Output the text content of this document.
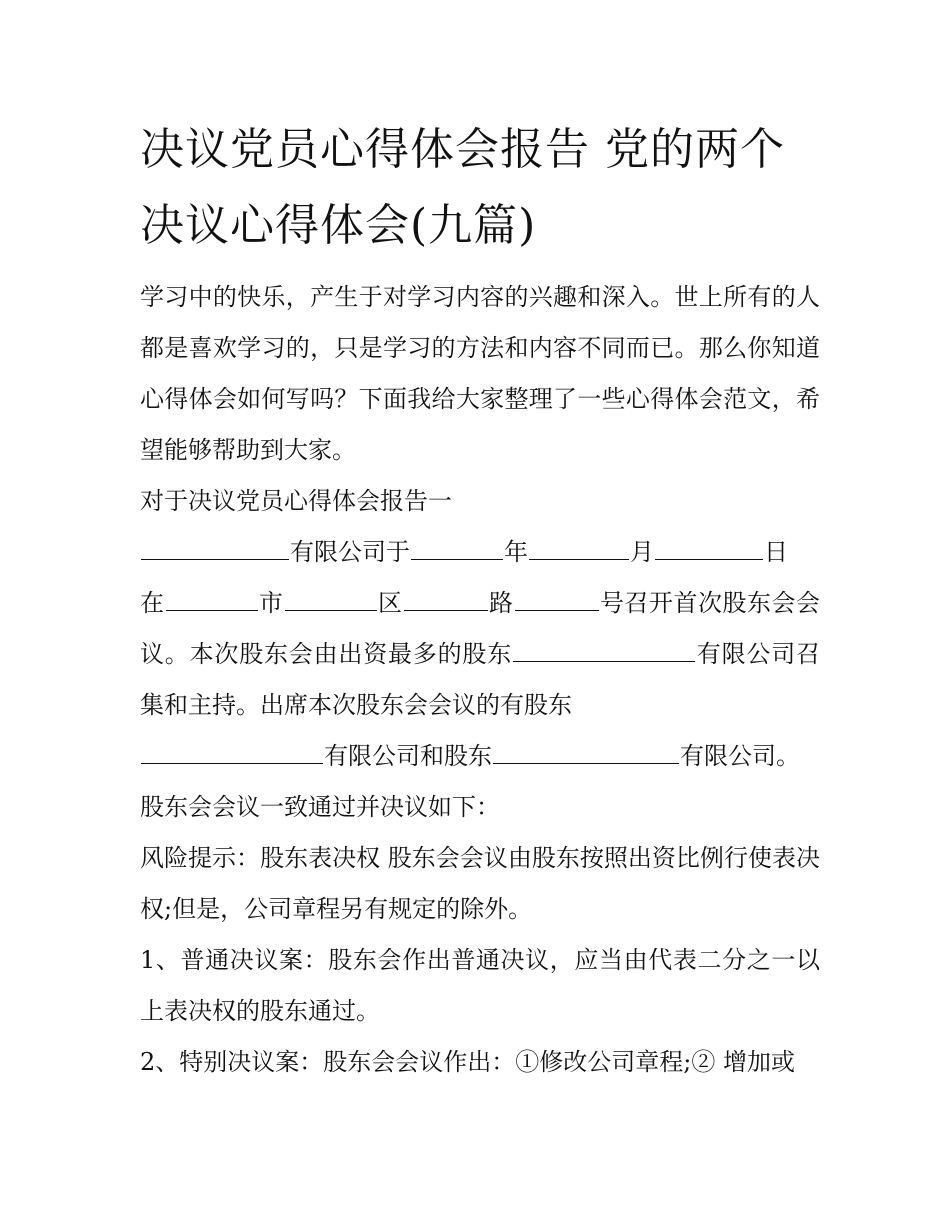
决议党员心得体会报告 党的两个决议心得体会(九篇)

学习中的快乐，产生于对学习内容的兴趣和深入。世上所有的人都是喜欢学习的，只是学习的方法和内容不同而已。那么你知道心得体会如何写吗？下面我给大家整理了一些心得体会范文，希望能够帮助到大家。

对于决议党员心得体会报告一

有限公司于	年	月	日
在	市	区	路	号召开首次股东会会议。本次股东会由出资最多的股东	有限公司召集和主持。出席本次股东会会议的有股东
有限公司和股东	有限公司。

股东会会议一致通过并决议如下：

风险提示：股东表决权 股东会会议由股东按照出资比例行使表决权;但是，公司章程另有规定的除外。

1、普通决议案：股东会作出普通决议，应当由代表二分之一以上表决权的股东通过。

2、特别决议案：股东会会议作出：①修改公司章程;② 增加或
